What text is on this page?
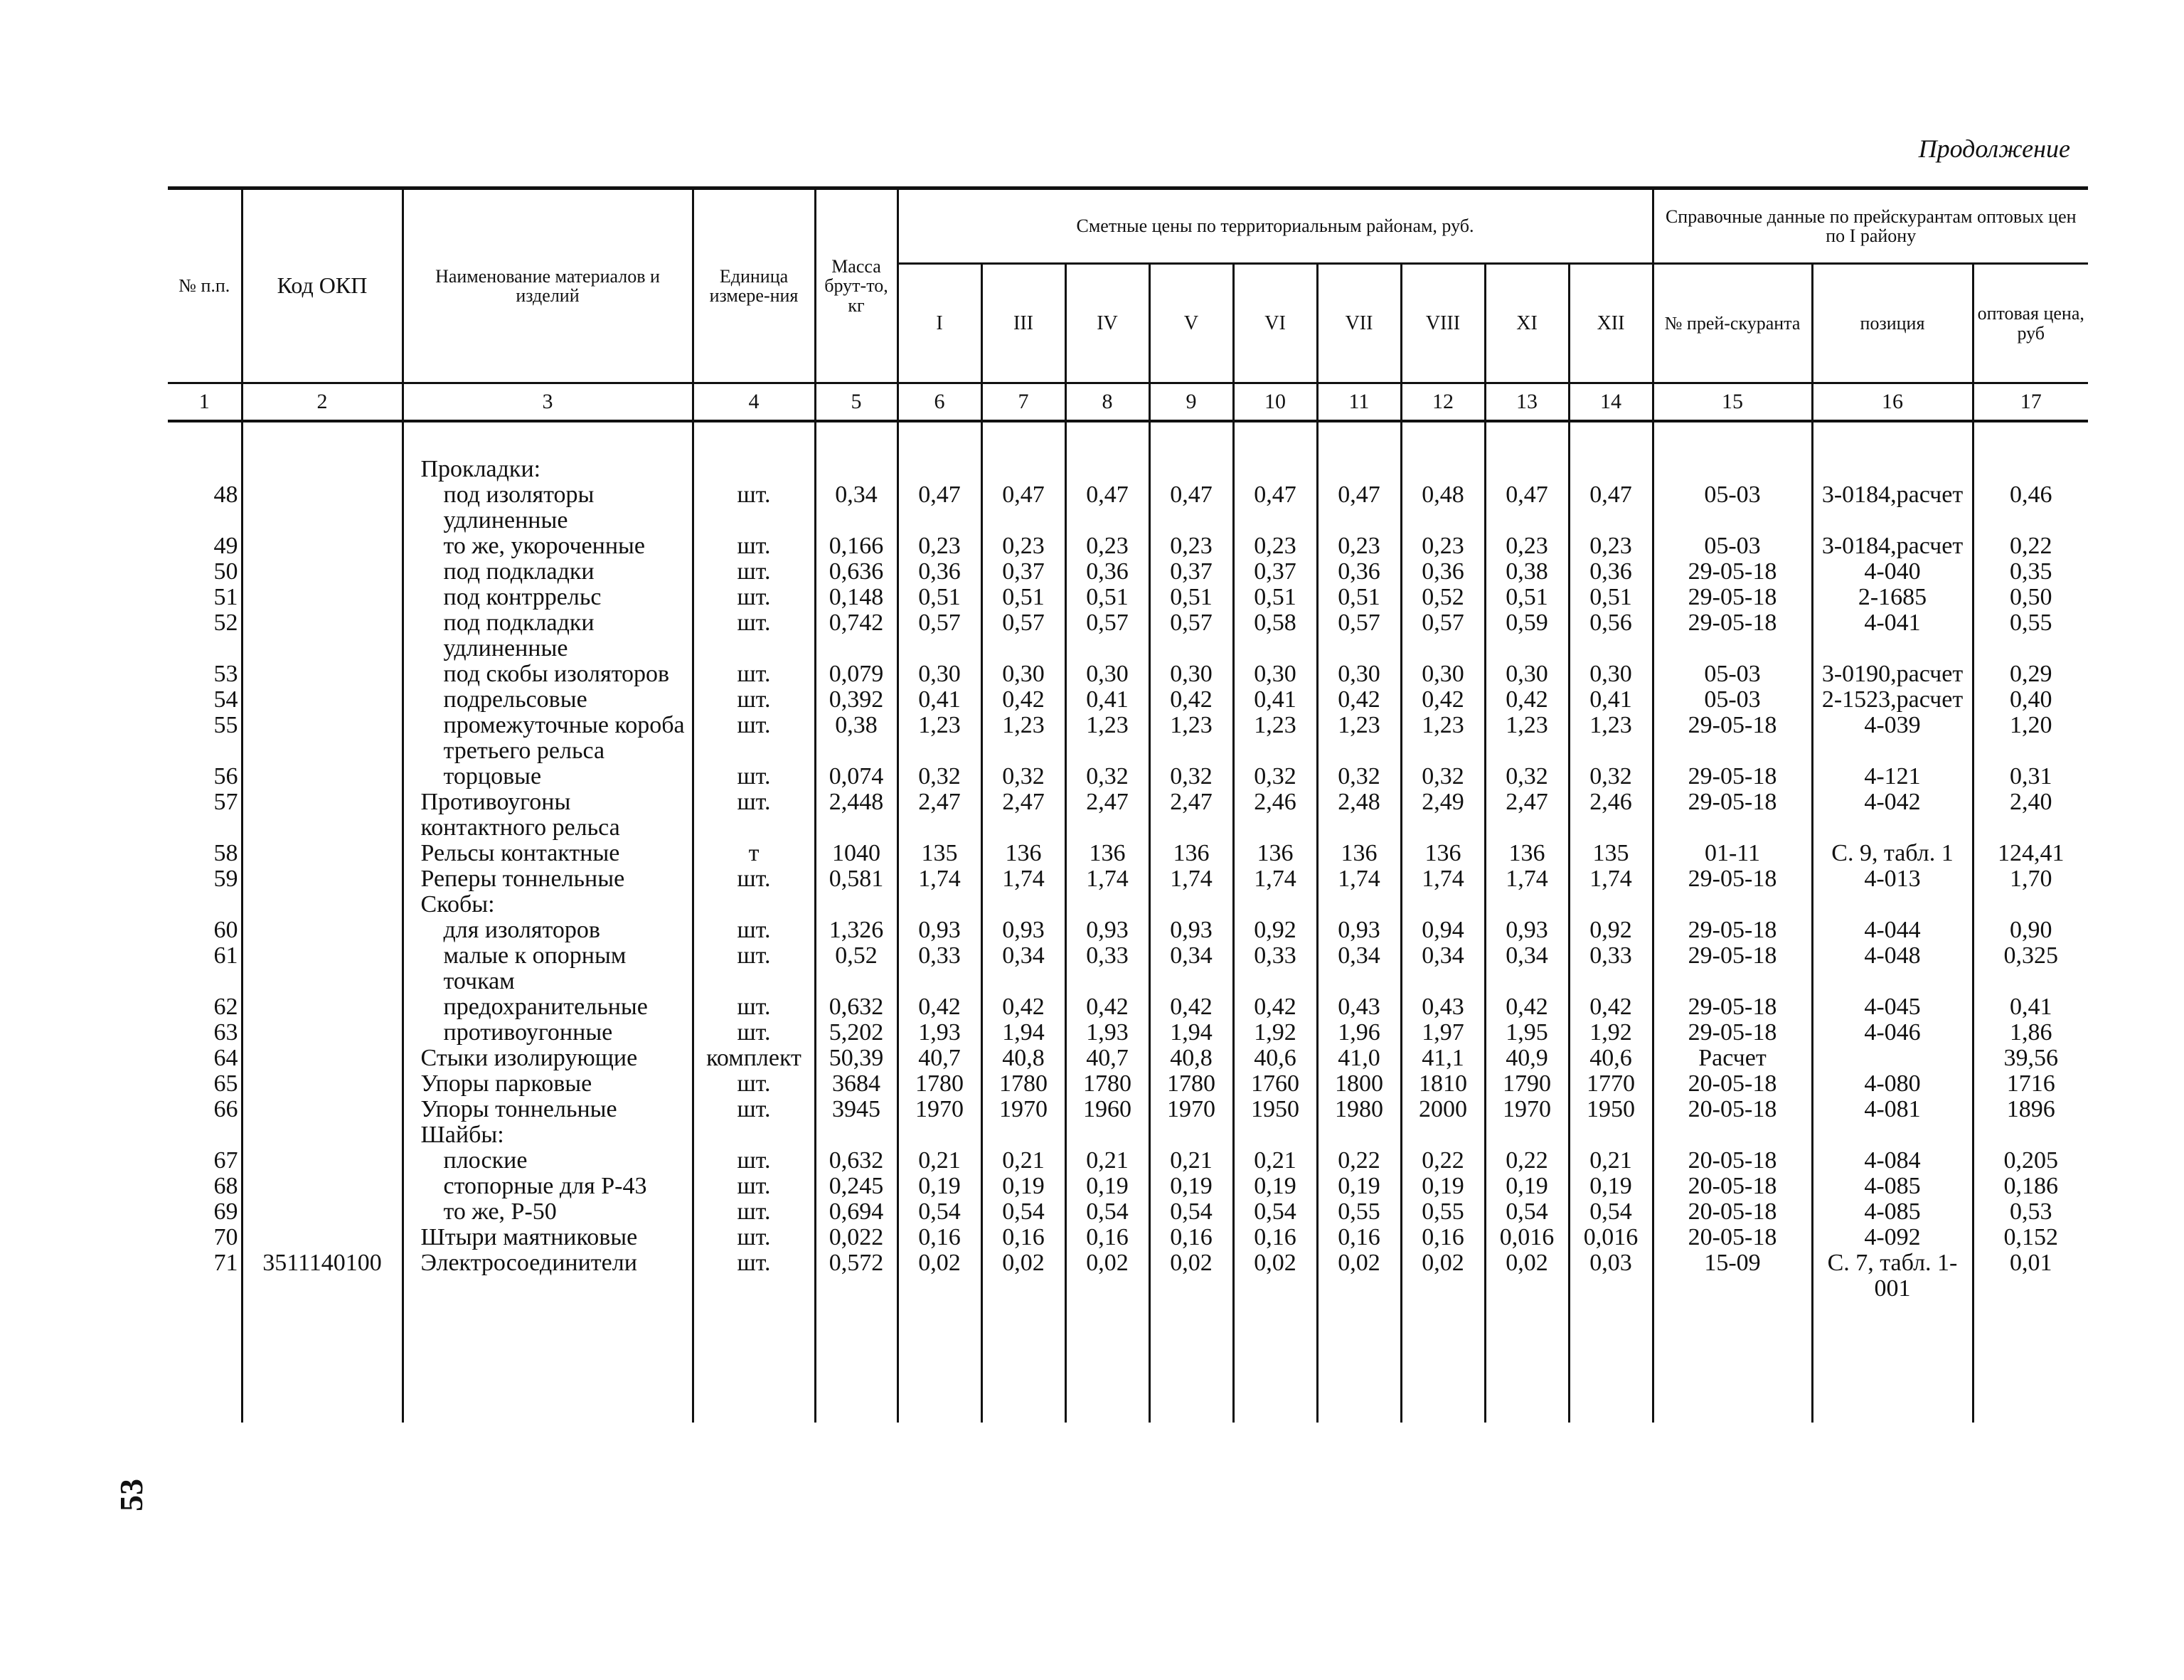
Продолжение
53
№ п.п.	Код ОКП	Наименование материалов и изделий	Единица измере-ния	Масса брут-то, кг	Сметные цены по территориальным районам, руб.									Справочные данные по прейскурантам оптовых цен по I району		
					I	III	IV	V	VI	VII	VIII	XI	XII	№ прей-скуранта	позиция	оптовая цена, руб
1	2	3	4	5	6	7	8	9	10	11	12	13	14	15	16	17

		Прокладки:														
48		под изоляторы удлиненные	шт.	0,34	0,47	0,47	0,47	0,47	0,47	0,47	0,48	0,47	0,47	05-03	3-0184,расчет	0,46
49		то же, укороченные	шт.	0,166	0,23	0,23	0,23	0,23	0,23	0,23	0,23	0,23	0,23	05-03	3-0184,расчет	0,22
50		под подкладки	шт.	0,636	0,36	0,37	0,36	0,37	0,37	0,36	0,36	0,38	0,36	29-05-18	4-040	0,35
51		под контррельс	шт.	0,148	0,51	0,51	0,51	0,51	0,51	0,51	0,52	0,51	0,51	29-05-18	2-1685	0,50
52		под подкладки удлиненные	шт.	0,742	0,57	0,57	0,57	0,57	0,58	0,57	0,57	0,59	0,56	29-05-18	4-041	0,55
53		под скобы изоляторов	шт.	0,079	0,30	0,30	0,30	0,30	0,30	0,30	0,30	0,30	0,30	05-03	3-0190,расчет	0,29
54		подрельсовые	шт.	0,392	0,41	0,42	0,41	0,42	0,41	0,42	0,42	0,42	0,41	05-03	2-1523,расчет	0,40
55		промежуточные короба третьего рельса	шт.	0,38	1,23	1,23	1,23	1,23	1,23	1,23	1,23	1,23	1,23	29-05-18	4-039	1,20
56		торцовые	шт.	0,074	0,32	0,32	0,32	0,32	0,32	0,32	0,32	0,32	0,32	29-05-18	4-121	0,31
57		Противоугоны контактного рельса	шт.	2,448	2,47	2,47	2,47	2,47	2,46	2,48	2,49	2,47	2,46	29-05-18	4-042	2,40
58		Рельсы контактные	т	1040	135	136	136	136	136	136	136	136	135	01-11	С. 9, табл. 1	124,41
59		Реперы тоннельные	шт.	0,581	1,74	1,74	1,74	1,74	1,74	1,74	1,74	1,74	1,74	29-05-18	4-013	1,70
		Скобы:														
60		для изоляторов	шт.	1,326	0,93	0,93	0,93	0,93	0,92	0,93	0,94	0,93	0,92	29-05-18	4-044	0,90
61		малые к опорным точкам	шт.	0,52	0,33	0,34	0,33	0,34	0,33	0,34	0,34	0,34	0,33	29-05-18	4-048	0,325
62		предохранительные	шт.	0,632	0,42	0,42	0,42	0,42	0,42	0,43	0,43	0,42	0,42	29-05-18	4-045	0,41
63		противоугонные	шт.	5,202	1,93	1,94	1,93	1,94	1,92	1,96	1,97	1,95	1,92	29-05-18	4-046	1,86
64		Стыки изолирующие	комплект	50,39	40,7	40,8	40,7	40,8	40,6	41,0	41,1	40,9	40,6	Расчет		39,56
65		Упоры парковые	шт.	3684	1780	1780	1780	1780	1760	1800	1810	1790	1770	20-05-18	4-080	1716
66		Упоры тоннельные	шт.	3945	1970	1970	1960	1970	1950	1980	2000	1970	1950	20-05-18	4-081	1896
		Шайбы:														
67		плоские	шт.	0,632	0,21	0,21	0,21	0,21	0,21	0,22	0,22	0,22	0,21	20-05-18	4-084	0,205
68		стопорные для Р-43	шт.	0,245	0,19	0,19	0,19	0,19	0,19	0,19	0,19	0,19	0,19	20-05-18	4-085	0,186
69		то же, Р-50	шт.	0,694	0,54	0,54	0,54	0,54	0,54	0,55	0,55	0,54	0,54	20-05-18	4-085	0,53
70		Штыри маятниковые	шт.	0,022	0,16	0,16	0,16	0,16	0,16	0,16	0,16	0,016	0,016	20-05-18	4-092	0,152
71	3511140100	Электросоединители	шт.	0,572	0,02	0,02	0,02	0,02	0,02	0,02	0,02	0,02	0,03	15-09	С. 7, табл. 1-001	0,01
